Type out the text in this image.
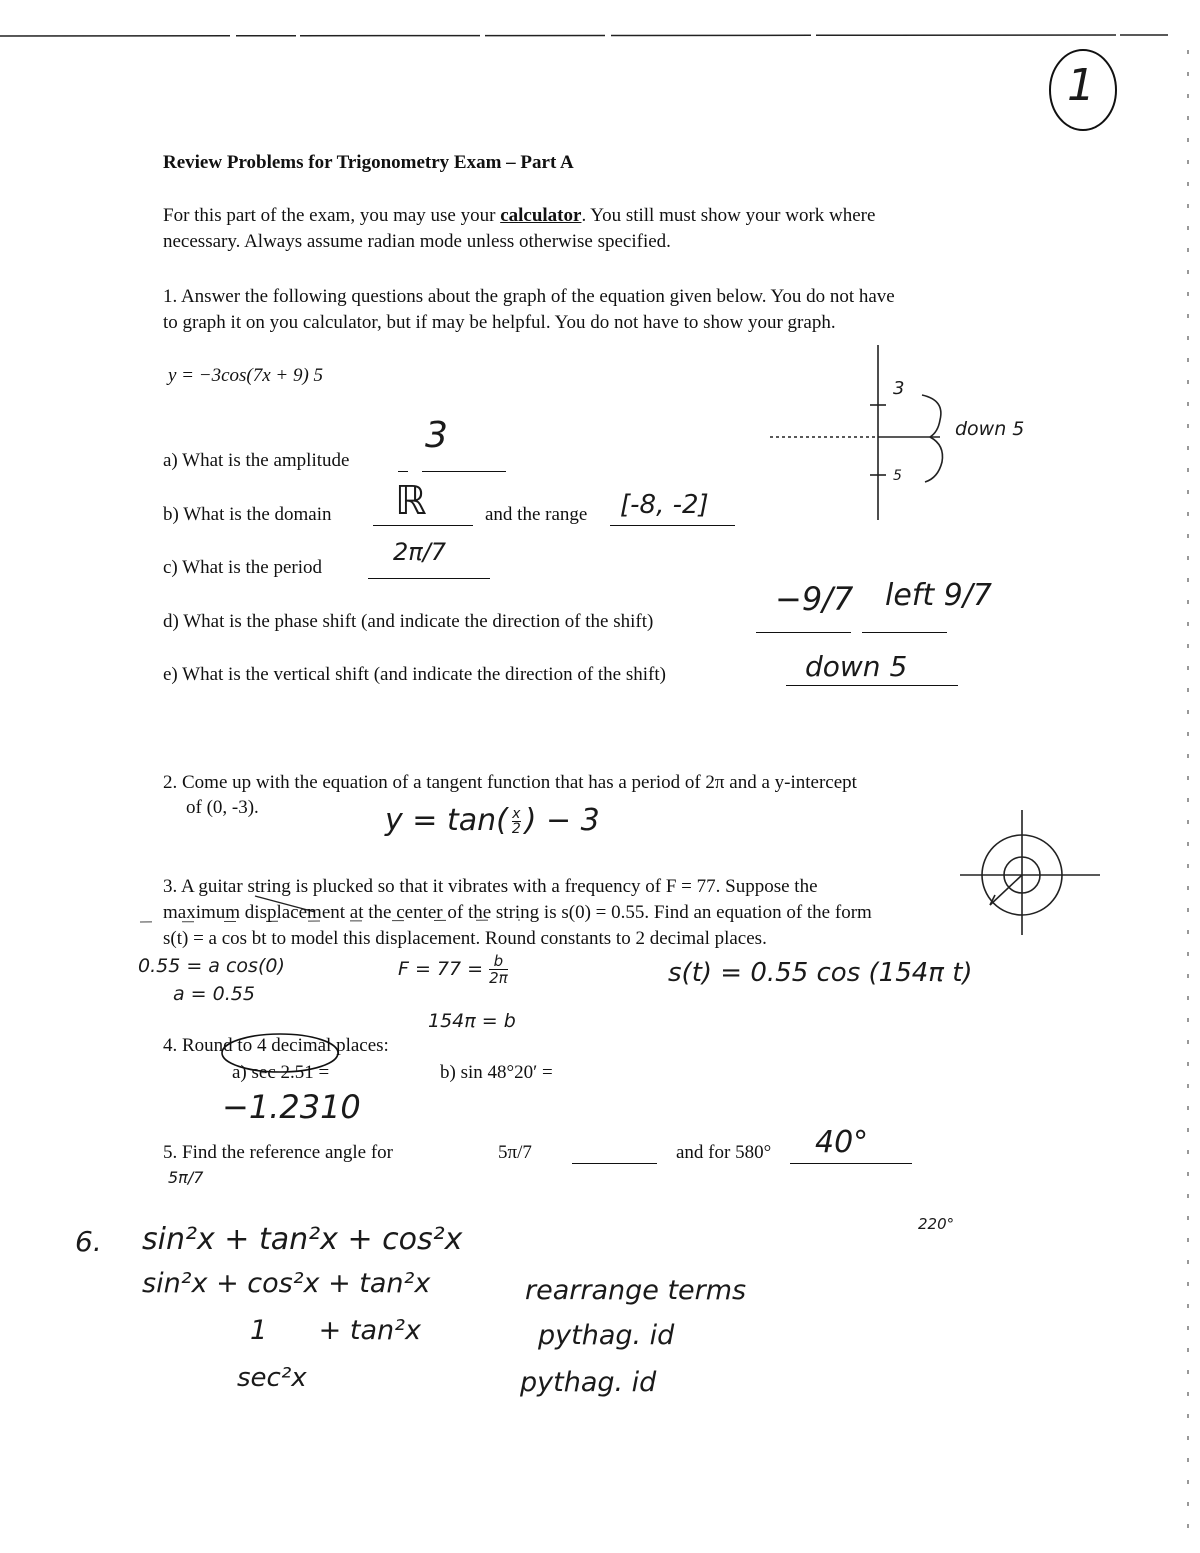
1
Review Problems for Trigonometry Exam – Part A
For this part of the exam, you may use your calculator. You still must show your work where
necessary. Always assume radian mode unless otherwise specified.
1. Answer the following questions about the graph of the equation given below. You do not have
to graph it on you calculator, but if may be helpful. You do not have to show your graph.
y = −3cos(7x + 9) 5
3
5
down 5
a) What is the amplitude
3
b) What is the domain ℝ	and the range [-8, -2]
c) What is the period
2π/7
d) What is the phase shift (and indicate the direction of the shift)
−9/7 left 9/7
e) What is the vertical shift (and indicate the direction of the shift)	down 5
2. Come up with the equation of a tangent function that has a period of 2π and a y-intercept
of (0, -3).	$y = \tan( \frac{x}{2}$ ) − 3
3. A guitar string is plucked so that it vibrates with a frequency of F = 77. Suppose the
maximum displacement at the center of the string is s(0) = 0.55. Find an equation of the form
s(t) = a cos bt to model this displacement. Round constants to 2 decimal places.
0.55 = a cos(0)
a = 0.55
$F = 77 = \frac{b}{2\pi}$
154π = b
s(t) = 0.55 cos (154π t)
4. Round to 4 decimal places:
a) sec 2.51 =	b) sin 48°20′ =
−1.2310
5. Find the reference angle for	5π/7	and for 580° 40°
5π/7
220°
6. sin²x + tan²x + cos²x
sin²x + cos²x + tan²x
1      + tan²x
sec²x
rearrange terms
pythag. id
pythag. id
